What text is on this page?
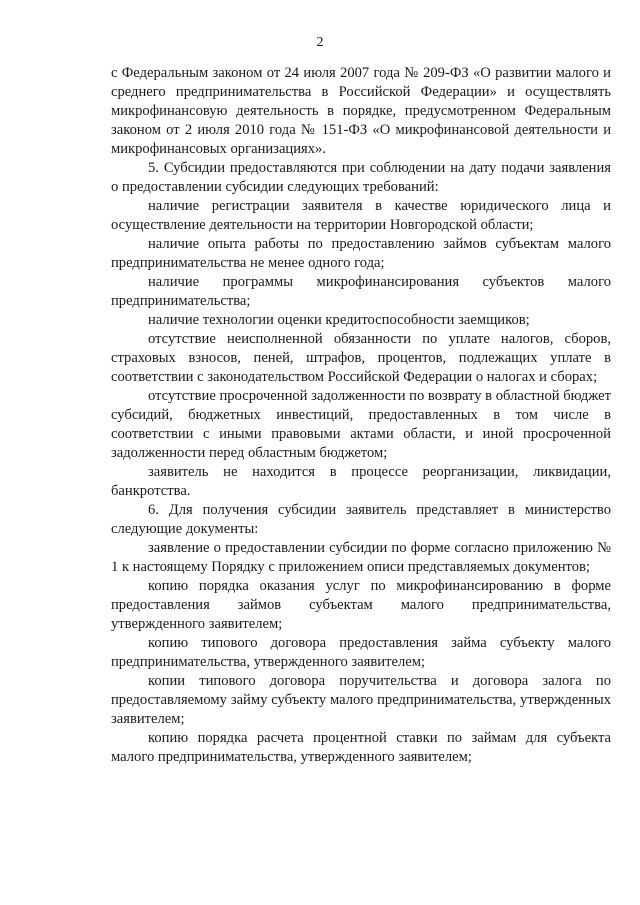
2

с Федеральным законом от 24 июля 2007 года № 209-ФЗ «О развитии малого и среднего предпринимательства в Российской Федерации» и осуществлять микрофинансовую деятельность в порядке, предусмотренном Федеральным законом от 2 июля 2010 года № 151-ФЗ «О микрофинансовой деятельности и микрофинансовых организациях».

5. Субсидии предоставляются при соблюдении на дату подачи заявления о предоставлении субсидии следующих требований:

наличие регистрации заявителя в качестве юридического лица и осуществление деятельности на территории Новгородской области;

наличие опыта работы по предоставлению займов субъектам малого предпринимательства не менее одного года;

наличие программы микрофинансирования субъектов малого предпринимательства;

наличие технологии оценки кредитоспособности заемщиков;

отсутствие неисполненной обязанности по уплате налогов, сборов, страховых взносов, пеней, штрафов, процентов, подлежащих уплате в соответствии с законодательством Российской Федерации о налогах и сборах;

отсутствие просроченной задолженности по возврату в областной бюджет субсидий, бюджетных инвестиций, предоставленных в том числе в соответствии с иными правовыми актами области, и иной просроченной задолженности перед областным бюджетом;

заявитель не находится в процессе реорганизации, ликвидации, банкротства.

6. Для получения субсидии заявитель представляет в министерство следующие документы:

заявление о предоставлении субсидии по форме согласно приложению № 1 к настоящему Порядку с приложением описи представляемых документов;

копию порядка оказания услуг по микрофинансированию в форме предоставления займов субъектам малого предпринимательства, утвержденного заявителем;

копию типового договора предоставления займа субъекту малого предпринимательства, утвержденного заявителем;

копии типового договора поручительства и договора залога по предоставляемому займу субъекту малого предпринимательства, утвержденных заявителем;

копию порядка расчета процентной ставки по займам для субъекта малого предпринимательства, утвержденного заявителем;
